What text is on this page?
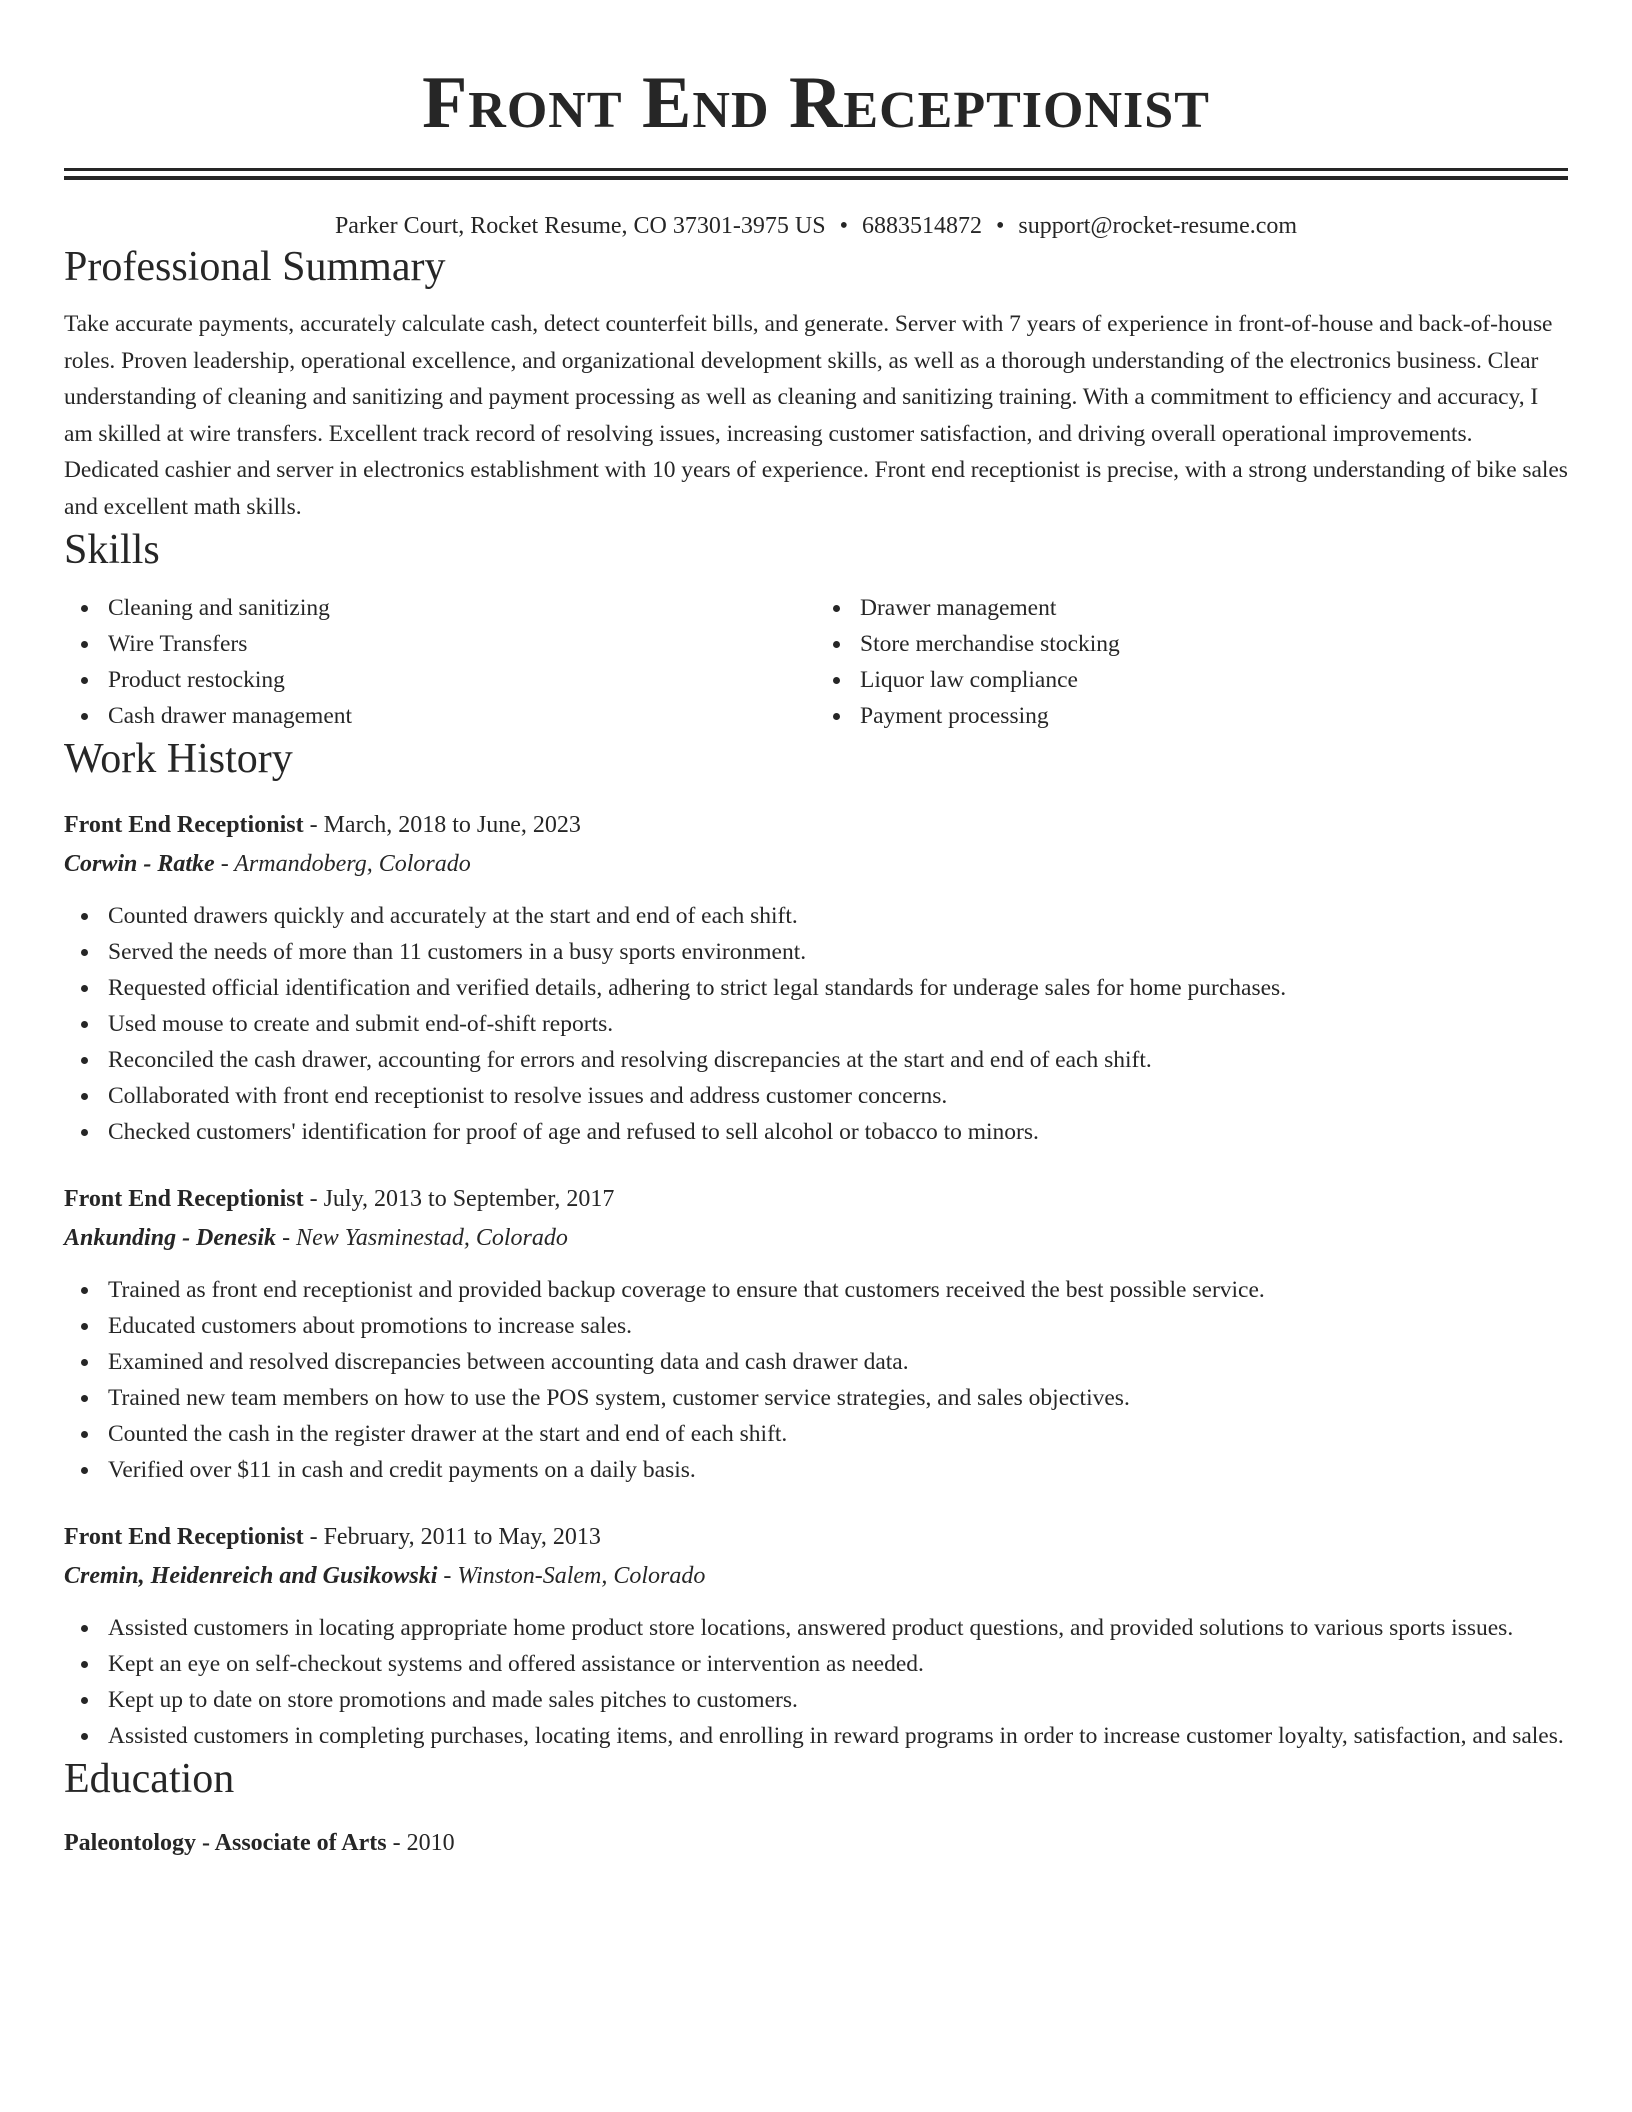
Front End Receptionist
Parker Court, Rocket Resume, CO 37301-3975 US • 6883514872 • support@rocket-resume.com
Professional Summary
Take accurate payments, accurately calculate cash, detect counterfeit bills, and generate. Server with 7 years of experience in front-of-house and back-of-house roles. Proven leadership, operational excellence, and organizational development skills, as well as a thorough understanding of the electronics business. Clear understanding of cleaning and sanitizing and payment processing as well as cleaning and sanitizing training. With a commitment to efficiency and accuracy, I am skilled at wire transfers. Excellent track record of resolving issues, increasing customer satisfaction, and driving overall operational improvements. Dedicated cashier and server in electronics establishment with 10 years of experience. Front end receptionist is precise, with a strong understanding of bike sales and excellent math skills.
Skills
Cleaning and sanitizing
Wire Transfers
Product restocking
Cash drawer management
Drawer management
Store merchandise stocking
Liquor law compliance
Payment processing
Work History
Front End Receptionist - March, 2018 to June, 2023
Corwin - Ratke - Armandoberg, Colorado
Counted drawers quickly and accurately at the start and end of each shift.
Served the needs of more than 11 customers in a busy sports environment.
Requested official identification and verified details, adhering to strict legal standards for underage sales for home purchases.
Used mouse to create and submit end-of-shift reports.
Reconciled the cash drawer, accounting for errors and resolving discrepancies at the start and end of each shift.
Collaborated with front end receptionist to resolve issues and address customer concerns.
Checked customers' identification for proof of age and refused to sell alcohol or tobacco to minors.
Front End Receptionist - July, 2013 to September, 2017
Ankunding - Denesik - New Yasminestad, Colorado
Trained as front end receptionist and provided backup coverage to ensure that customers received the best possible service.
Educated customers about promotions to increase sales.
Examined and resolved discrepancies between accounting data and cash drawer data.
Trained new team members on how to use the POS system, customer service strategies, and sales objectives.
Counted the cash in the register drawer at the start and end of each shift.
Verified over $11 in cash and credit payments on a daily basis.
Front End Receptionist - February, 2011 to May, 2013
Cremin, Heidenreich and Gusikowski - Winston-Salem, Colorado
Assisted customers in locating appropriate home product store locations, answered product questions, and provided solutions to various sports issues.
Kept an eye on self-checkout systems and offered assistance or intervention as needed.
Kept up to date on store promotions and made sales pitches to customers.
Assisted customers in completing purchases, locating items, and enrolling in reward programs in order to increase customer loyalty, satisfaction, and sales.
Education
Paleontology - Associate of Arts - 2010
